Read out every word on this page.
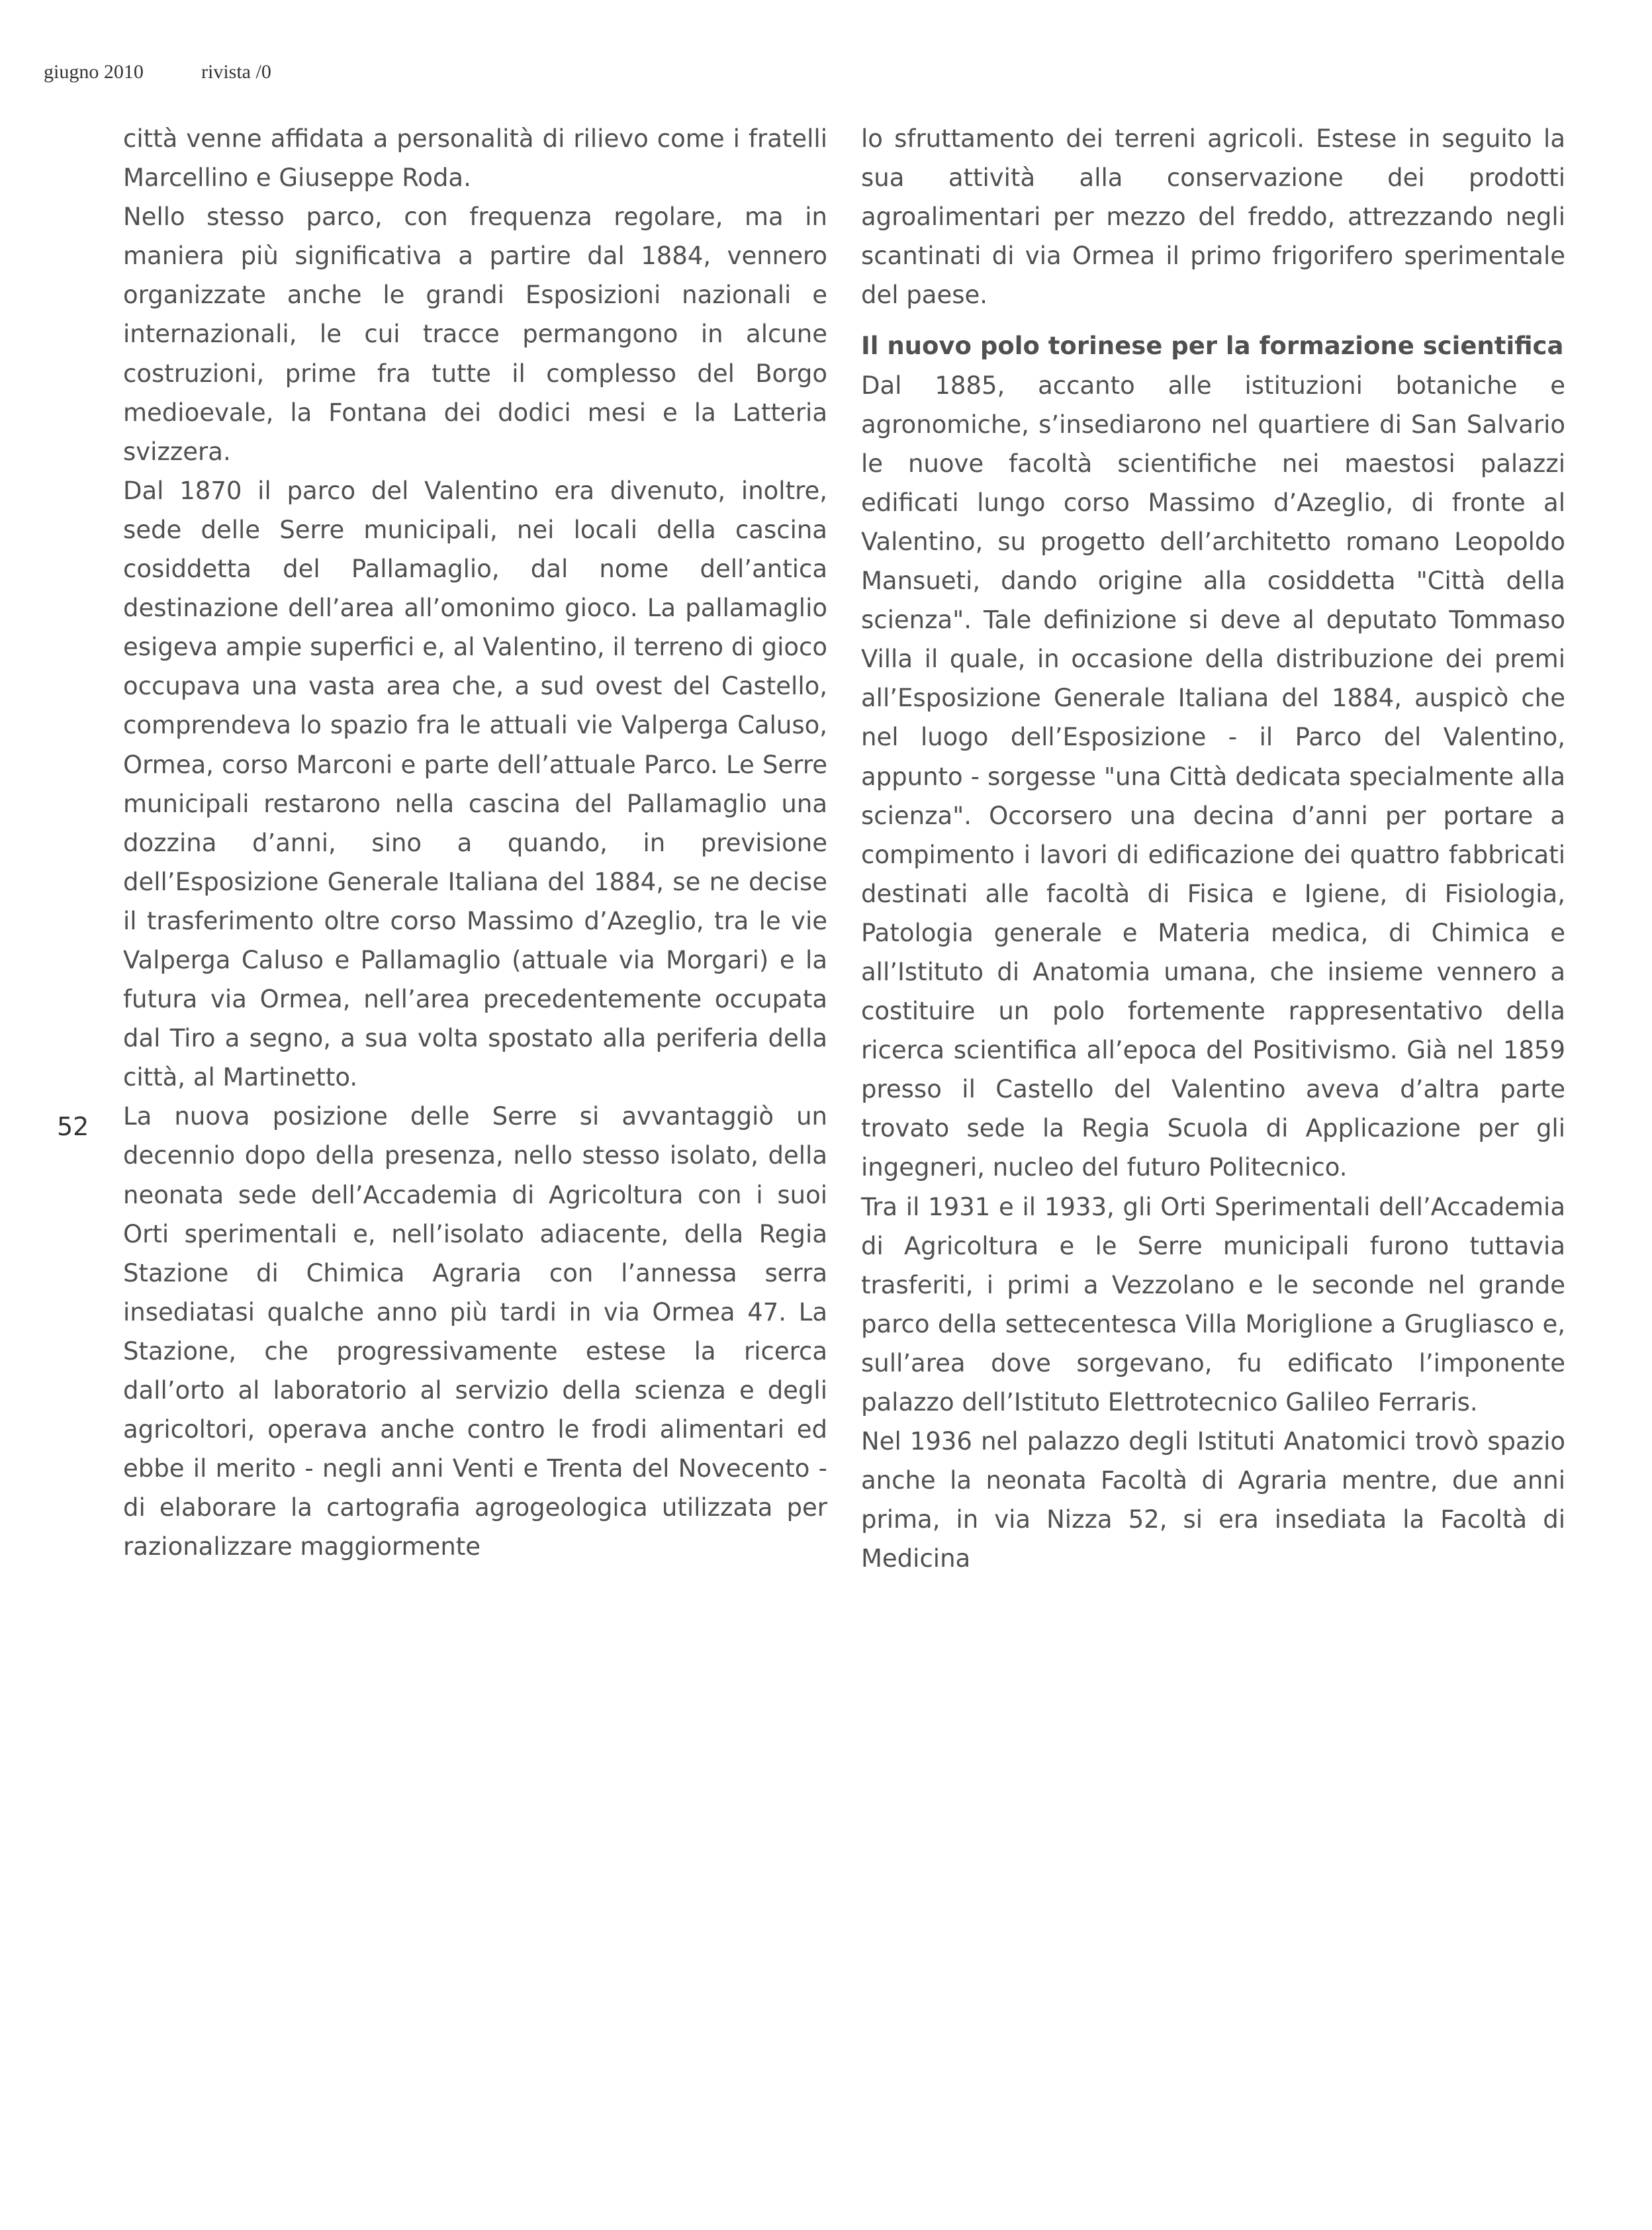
giugno 2010	rivista /0
52

città venne affidata a personalità di rilievo come i fratelli Marcellino e Giuseppe Roda.

Nello stesso parco, con frequenza regolare, ma in maniera più significativa a partire dal 1884, vennero organizzate anche le grandi Esposizioni nazionali e internazionali, le cui tracce permangono in alcune costruzioni, prime fra tutte il complesso del Borgo medioevale, la Fontana dei dodici mesi e la Latteria svizzera.

Dal 1870 il parco del Valentino era divenuto, inoltre, sede delle Serre municipali, nei locali della cascina cosiddetta del Pallamaglio, dal nome dell’antica destinazione dell’area all’omonimo gioco. La pallamaglio esigeva ampie superfici e, al Valentino, il terreno di gioco occupava una vasta area che, a sud ovest del Castello, comprendeva lo spazio fra le attuali vie Valperga Caluso, Ormea, corso Marconi e parte dell’attuale Parco. Le Serre municipali restarono nella cascina del Pallamaglio una dozzina d’anni, sino a quando, in previsione dell’Esposizione Generale Italiana del 1884, se ne decise il trasferimento oltre corso Massimo d’Azeglio, tra le vie Valperga Caluso e Pallamaglio (attuale via Morgari) e la futura via Ormea, nell’area precedentemente occupata dal Tiro a segno, a sua volta spostato alla periferia della città, al Martinetto.

La nuova posizione delle Serre si avvantaggiò un decennio dopo della presenza, nello stesso isolato, della neonata sede dell’Accademia di Agricoltura con i suoi Orti sperimentali e, nell’isolato adiacente, della Regia Stazione di Chimica Agraria con l’annessa serra insediatasi qualche anno più tardi in via Ormea 47. La Stazione, che progressivamente estese la ricerca dall’orto al laboratorio al servizio della scienza e degli agricoltori, operava anche contro le frodi alimentari ed ebbe il merito - negli anni Venti e Trenta del Novecento - di elaborare la cartografia agrogeologica utilizzata per razionalizzare maggiormente

lo sfruttamento dei terreni agricoli. Estese in seguito la sua attività alla conservazione dei prodotti agroalimentari per mezzo del freddo, attrezzando negli scantinati di via Ormea il primo frigorifero sperimentale del paese.

Il nuovo polo torinese per la formazione scientifica

Dal 1885, accanto alle istituzioni botaniche e agronomiche, s’insediarono nel quartiere di San Salvario le nuove facoltà scientifiche nei maestosi palazzi edificati lungo corso Massimo d’Azeglio, di fronte al Valentino, su progetto dell’architetto romano Leopoldo Mansueti, dando origine alla cosiddetta "Città della scienza". Tale definizione si deve al deputato Tommaso Villa il quale, in occasione della distribuzione dei premi all’Esposizione Generale Italiana del 1884, auspicò che nel luogo dell’Esposizione - il Parco del Valentino, appunto - sorgesse "una Città dedicata specialmente alla scienza". Occorsero una decina d’anni per portare a compimento i lavori di edificazione dei quattro fabbricati destinati alle facoltà di Fisica e Igiene, di Fisiologia, Patologia generale e Materia medica, di Chimica e all’Istituto di Anatomia umana, che insieme vennero a costituire un polo fortemente rappresentativo della ricerca scientifica all’epoca del Positivismo. Già nel 1859 presso il Castello del Valentino aveva d’altra parte trovato sede la Regia Scuola di Applicazione per gli ingegneri, nucleo del futuro Politecnico.

Tra il 1931 e il 1933, gli Orti Sperimentali dell’Accademia di Agricoltura e le Serre municipali furono tuttavia trasferiti, i primi a Vezzolano e le seconde nel grande parco della settecentesca Villa Moriglione a Grugliasco e, sull’area dove sorgevano, fu edificato l’imponente palazzo dell’Istituto Elettrotecnico Galileo Ferraris.

Nel 1936 nel palazzo degli Istituti Anatomici trovò spazio anche la neonata Facoltà di Agraria mentre, due anni prima, in via Nizza 52, si era insediata la Facoltà di Medicina
